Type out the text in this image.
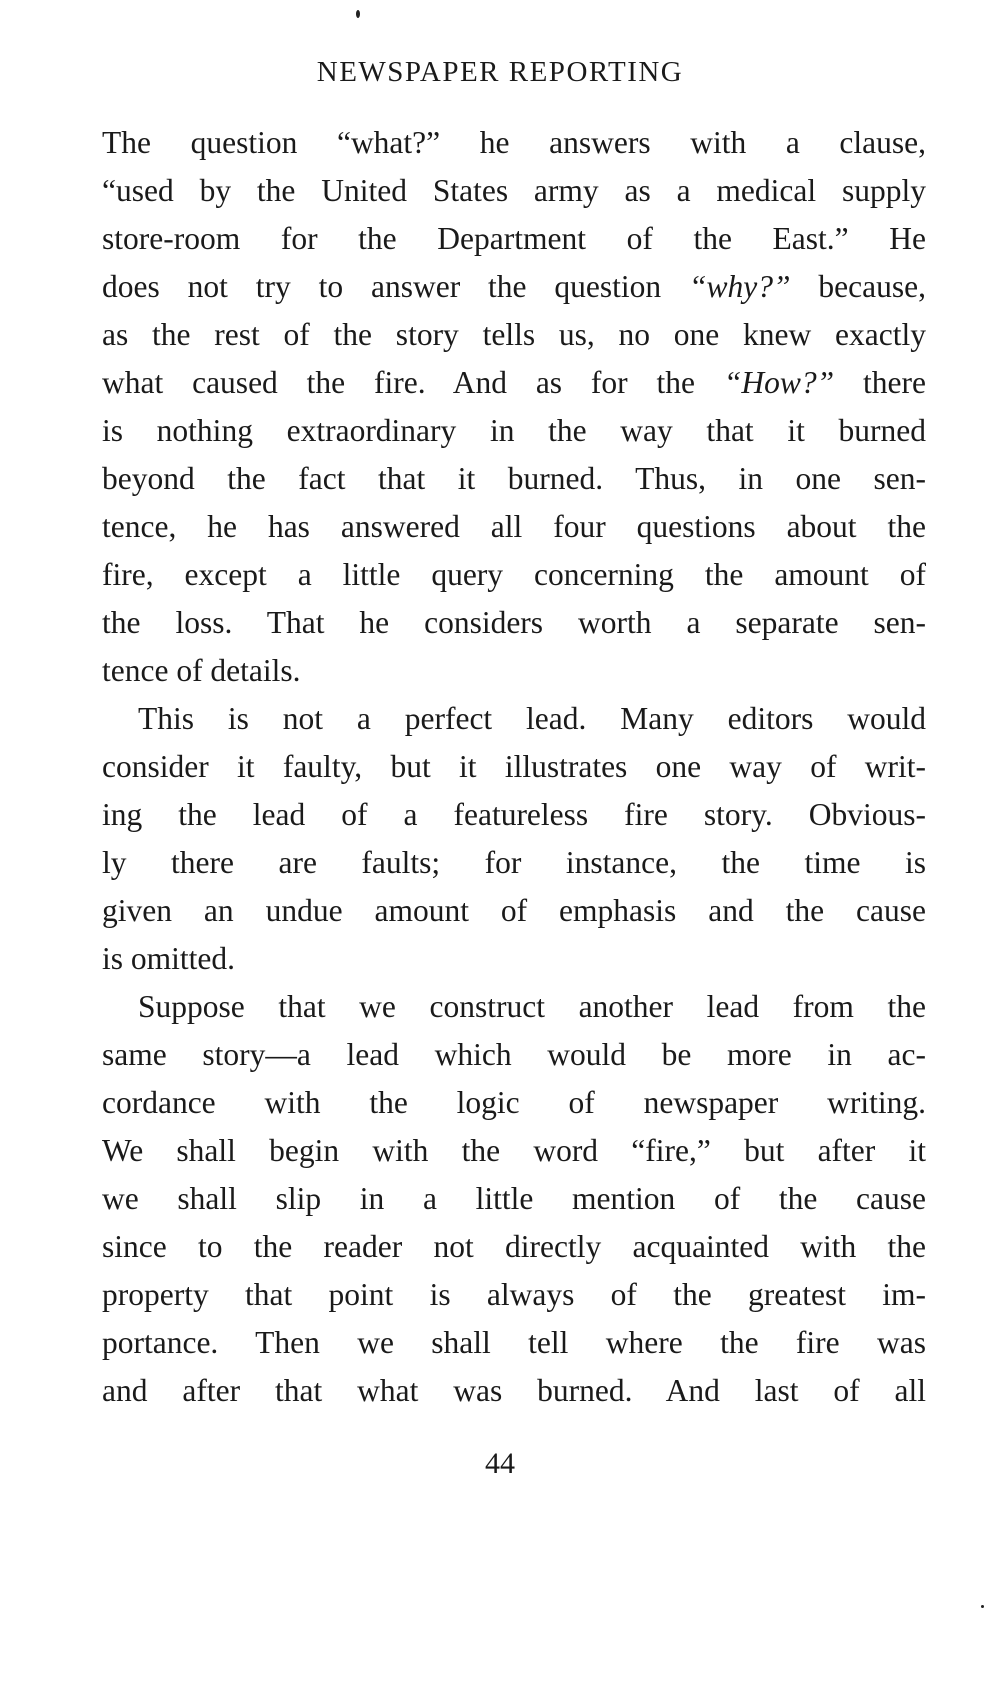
NEWSPAPER REPORTING
The question “what?” he answers with a clause,
“used by the United States army as a medical supply
store-room for the Department of the East.” He
does not try to answer the question “why?” because,
as the rest of the story tells us, no one knew exactly
what caused the fire. And as for the “How?” there
is nothing extraordinary in the way that it burned
beyond the fact that it burned. Thus, in one sen-
tence, he has answered all four questions about the
fire, except a little query concerning the amount of
the loss. That he considers worth a separate sen-
tence of details.
This is not a perfect lead. Many editors would
consider it faulty, but it illustrates one way of writ-
ing the lead of a featureless fire story. Obvious-
ly there are faults; for instance, the time is
given an undue amount of emphasis and the cause
is omitted.
Suppose that we construct another lead from the
same story—a lead which would be more in ac-
cordance with the logic of newspaper writing.
We shall begin with the word “fire,” but after it
we shall slip in a little mention of the cause
since to the reader not directly acquainted with the
property that point is always of the greatest im-
portance. Then we shall tell where the fire was
and after that what was burned. And last of all
44
